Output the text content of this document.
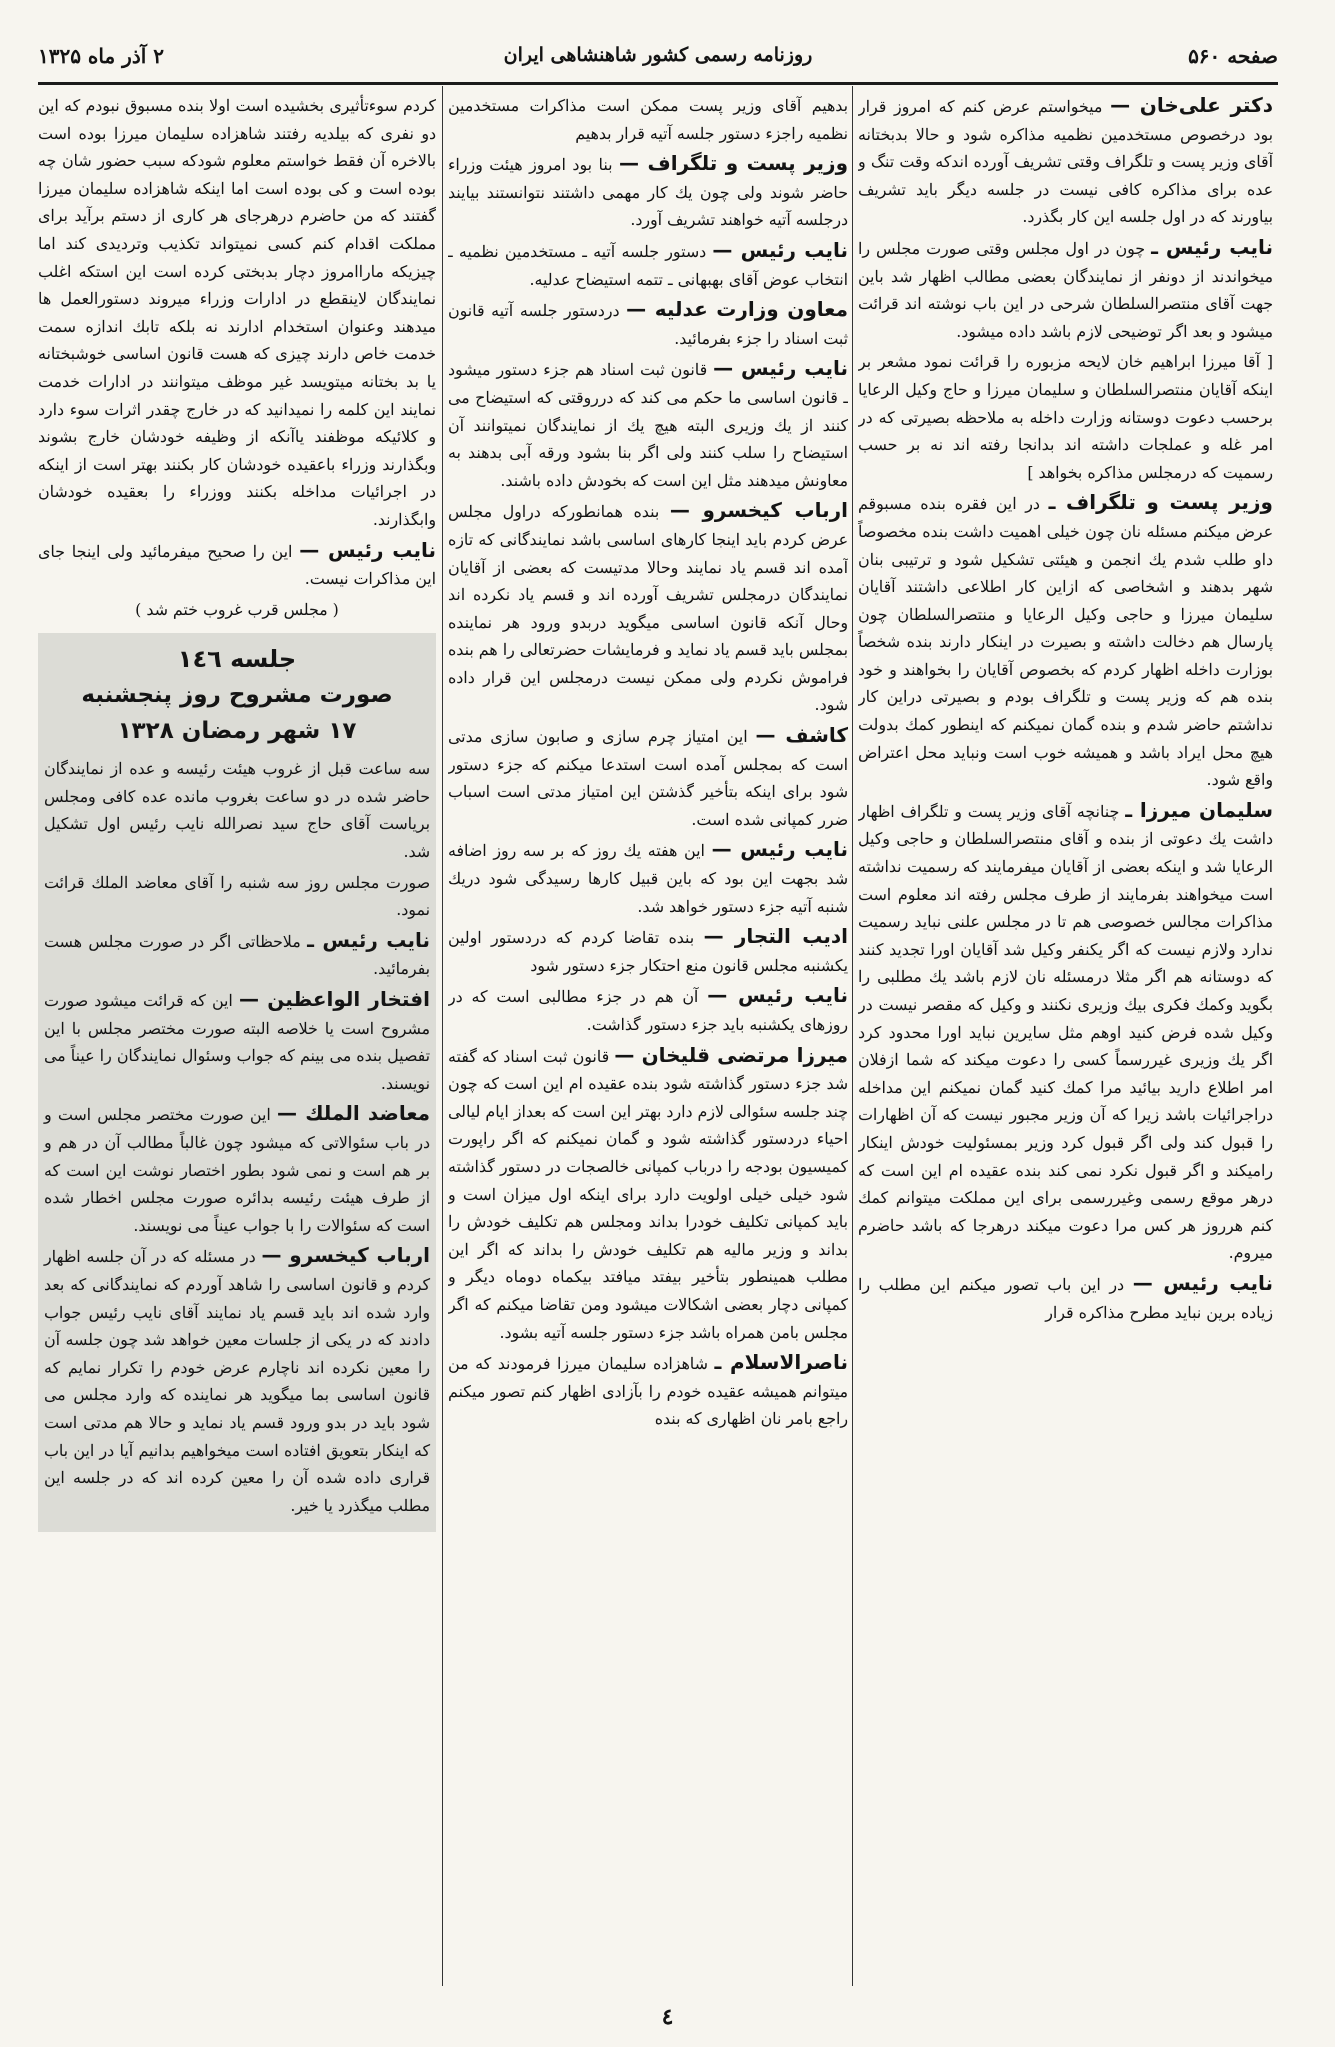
صفحه ۵۶۰
روزنامه رسمی کشور شاهنشاهی ایران
۲ آذر ماه ۱۳۲۵

دکتر علی‌خان — میخواستم عرض کنم که امروز قرار بود درخصوص مستخدمین نظمیه مذاکره شود و حالا بدبختانه آقای وزیر پست و تلگراف وقتی تشریف آورده اندکه وقت تنگ و عده برای مذاکره کافی نیست در جلسه دیگر باید تشریف بیاورند که در اول جلسه این کار بگذرد.

نایب رئیس ـ چون در اول مجلس وقتی صورت مجلس را میخواندند از دونفر از نمایندگان بعضی مطالب اظهار شد باین جهت آقای منتصرالسلطان شرحی در این باب نوشته اند قرائت میشود و بعد اگر توضیحی لازم باشد داده میشود.

[ آقا میرزا ابراهیم خان لایحه مزبوره را قرائت نمود مشعر بر اینکه آقایان منتصرالسلطان و سلیمان میرزا و حاج وکیل الرعایا برحسب دعوت دوستانه وزارت داخله به ملاحظه بصیرتی که در امر غله و عملجات داشته اند بدانجا رفته اند نه بر حسب رسمیت که درمجلس مذاکره بخواهد ]

وزیر پست و تلگراف ـ در این فقره بنده مسبوقم عرض میکنم مسئله نان چون خیلی اهمیت داشت بنده مخصوصاً داو طلب شدم یك انجمن و هیئتی تشکیل شود و ترتیبی بنان شهر بدهند و اشخاصی که ازاین کار اطلاعی داشتند آقایان سلیمان میرزا و حاجی وکیل الرعایا و منتصرالسلطان چون پارسال هم دخالت داشته و بصیرت در اینکار دارند بنده شخصاً بوزارت داخله اظهار کردم که بخصوص آقایان را بخواهند و خود بنده هم که وزیر پست و تلگراف بودم و بصیرتی دراین کار نداشتم حاضر شدم و بنده گمان نمیکنم که اینطور کمك بدولت هیچ محل ایراد باشد و همیشه خوب است ونباید محل اعتراض واقع شود.

سلیمان میرزا ـ چنانچه آقای وزیر پست و تلگراف اظهار داشت یك دعوتی از بنده و آقای منتصرالسلطان و حاجی وکیل الرعایا شد و اینکه بعضی از آقایان میفرمایند که رسمیت نداشته است میخواهند بفرمایند از طرف مجلس رفته اند معلوم است مذاکرات مجالس خصوصی هم تا در مجلس علنی نباید رسمیت ندارد ولازم نیست که اگر یکنفر وکیل شد آقایان اورا تجدید کنند که دوستانه هم اگر مثلا درمسئله نان لازم باشد یك مطلبی را بگوید وکمك فکری بیك وزیری نکنند و وکیل که مقصر نیست در وکیل شده فرض کنید اوهم مثل سایرین نباید اورا محدود کرد اگر یك وزیری غیررسماً کسی را دعوت میکند که شما ازفلان امر اطلاع دارید بیائید مرا کمك کنید گمان نمیکنم این مداخله دراجرائیات باشد زیرا که آن وزیر مجبور نیست که آن اظهارات را قبول کند ولی اگر قبول کرد وزیر بمسئولیت خودش اینکار رامیکند و اگر قبول نکرد نمی کند بنده عقیده ام این است که درهر موقع رسمی وغیررسمی برای این مملکت میتوانم کمك کنم هرروز هر کس مرا دعوت میکند درهرجا که باشد حاضرم میروم.

نایب رئیس — در این باب تصور میکنم این مطلب را زیاده برین نباید مطرح مذاکره قرار

بدهیم آقای وزیر پست ممکن است مذاکرات مستخدمین نظمیه راجزء دستور جلسه آتیه قرار بدهیم

وزیر پست و تلگراف — بنا بود امروز هیئت وزراء حاضر شوند ولی چون یك کار مهمی داشتند نتوانستند بیایند درجلسه آتیه خواهند تشریف آورد.

نایب رئیس — دستور جلسه آتیه ـ مستخدمین نظمیه ـ انتخاب عوض آقای بهبهانی ـ تتمه استیضاح عدلیه.

معاون وزارت عدلیه — دردستور جلسه آتیه قانون ثبت اسناد را جزء بفرمائید.

نایب رئیس — قانون ثبت اسناد هم جزء دستور میشود ـ قانون اساسی ما حکم می کند که درروقتی که استیضاح می کنند از یك وزیری البته هیچ یك از نمایندگان نمیتوانند آن استیضاح را سلب کنند ولی اگر بنا بشود ورقه آبی بدهند به معاونش میدهند مثل این است که بخودش داده باشند.

ارباب کیخسرو — بنده همانطورکه دراول مجلس عرض کردم باید اینجا کارهای اساسی باشد نمایندگانی که تازه آمده اند قسم یاد نمایند وحالا مدتیست که بعضی از آقایان نمایندگان درمجلس تشریف آورده اند و قسم یاد نکرده اند وحال آنکه قانون اساسی میگوید دربدو ورود هر نماینده بمجلس باید قسم یاد نماید و فرمایشات حضرتعالی را هم بنده فراموش نکردم ولی ممکن نیست درمجلس این قرار داده شود.

کاشف — این امتیاز چرم سازی و صابون سازی مدتی است که بمجلس آمده است استدعا میکنم که جزء دستور شود برای اینکه بتأخیر گذشتن این امتیاز مدتی است اسباب ضرر کمپانی شده است.

نایب رئیس — این هفته یك روز که بر سه روز اضافه شد بجهت این بود که باین قبیل کارها رسیدگی شود دریك شنبه آتیه جزء دستور خواهد شد.

ادیب التجار — بنده تقاضا کردم که دردستور اولین یکشنبه مجلس قانون منع احتکار جزء دستور شود

نایب رئیس — آن هم در جزء مطالبی است که در روزهای یکشنبه باید جزء دستور گذاشت.

میرزا مرتضی قلیخان — قانون ثبت اسناد که گفته شد جزء دستور گذاشته شود بنده عقیده ام این است که چون چند جلسه سئوالی لازم دارد بهتر این است که بعداز ایام لیالی احیاء دردستور گذاشته شود و گمان نمیکنم که اگر راپورت کمیسیون بودجه را درباب کمپانی خالصجات در دستور گذاشته شود خیلی خیلی اولویت دارد برای اینکه اول میزان است و باید کمپانی تکلیف خودرا بداند ومجلس هم تکلیف خودش را بداند و وزیر مالیه هم تکلیف خودش را بداند که اگر این مطلب همینطور بتأخیر بیفتد میافتد بیکماه دوماه دیگر و کمپانی دچار بعضی اشکالات میشود ومن تقاضا میکنم که اگر مجلس بامن همراه باشد جزء دستور جلسه آتیه بشود.

ناصرالاسلام ـ شاهزاده سلیمان میرزا فرمودند که من میتوانم همیشه عقیده خودم را بآزادی اظهار کنم تصور میکنم راجع بامر نان اظهاری که بنده

کردم سوءتأثیری بخشیده است اولا بنده مسبوق نبودم که این دو نفری که بیلدیه رفتند شاهزاده سلیمان میرزا بوده است بالاخره آن فقط خواستم معلوم شودکه سبب حضور شان چه بوده است و کی بوده است اما اینکه شاهزاده سلیمان میرزا گفتند که من حاضرم درهرجای هر کاری از دستم برآید برای مملکت اقدام کنم کسی نمیتواند تکذیب وتردیدی کند اما چیزیکه ماراامروز دچار بدبختی کرده است این استکه اغلب نمایندگان لاینقطع در ادارات وزراء میروند دستورالعمل ها میدهند وعنوان استخدام ادارند نه بلکه تابك اندازه سمت خدمت خاص دارند چیزی که هست قانون اساسی خوشبختانه یا بد بختانه میتویسد غیر موظف میتوانند در ادارات خدمت نمایند این کلمه را نمیدانید که در خارج چقدر اثرات سوء دارد و کلائیکه موظفند یاآنکه از وظیفه خودشان خارج بشوند وبگذارند وزراء باعقیده خودشان کار بکنند بهتر است از اینکه در اجرائیات مداخله بکنند ووزراء را بعقیده خودشان وابگذارند.

نایب رئیس — این را صحیح میفرمائید ولی اینجا جای این مذاکرات نیست.

( مجلس قرب غروب ختم شد )

جلسه ۱٤٦

صورت مشروح روز پنجشنبه

۱۷ شهر رمضان ۱۳۲۸

سه ساعت قبل از غروب هیئت رئیسه و عده از نمایندگان حاضر شده در دو ساعت بغروب مانده عده کافی ومجلس بریاست آقای حاج سید نصرالله نایب رئیس اول تشکیل شد.

صورت مجلس روز سه شنبه را آقای معاضد الملك قرائت نمود.

نایب رئیس ـ ملاحظاتی اگر در صورت مجلس هست بفرمائید.

افتخار الواعظین — این که قرائت میشود صورت مشروح است یا خلاصه البته صورت مختصر مجلس با این تفصیل بنده می بینم که جواب وسئوال نمایندگان را عیناً می نویسند.

معاضد الملك — این صورت مختصر مجلس است و در باب سئوالاتی که میشود چون غالباً مطالب آن در هم و بر هم است و نمی شود بطور اختصار نوشت این است که از طرف هیئت رئیسه بدائره صورت مجلس اخطار شده است که سئوالات را با جواب عیناً می نویسند.

ارباب کیخسرو — در مسئله که در آن جلسه اظهار کردم و قانون اساسی را شاهد آوردم که نمایندگانی که بعد وارد شده اند باید قسم یاد نمایند آقای نایب رئیس جواب دادند که در یکی از جلسات معین خواهد شد چون جلسه آن را معین نکرده اند ناچارم عرض خودم را تکرار نمایم که قانون اساسی بما میگوید هر نماینده که وارد مجلس می شود باید در بدو ورود قسم یاد نماید و حالا هم مدتی است که اینکار بتعویق افتاده است میخواهیم بدانیم آیا در این باب قراری داده شده آن را معین کرده اند که در جلسه این مطلب میگذرد یا خیر.

٤
